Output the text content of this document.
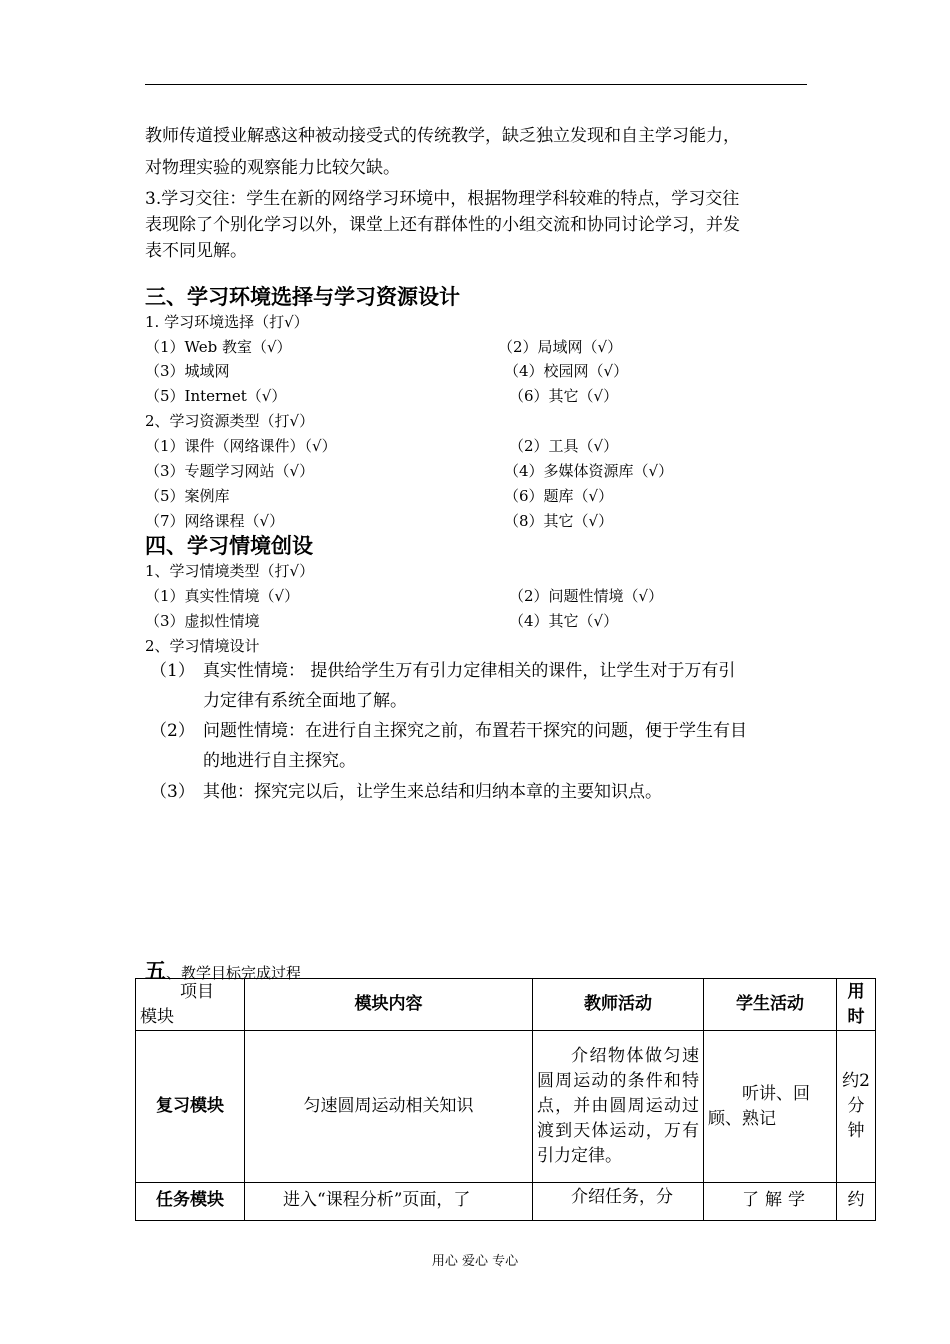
教师传道授业解惑这种被动接受式的传统教学，缺乏独立发现和自主学习能力，
对物理实验的观察能力比较欠缺。
3.学习交往：学生在新的网络学习环境中，根据物理学科较难的特点，学习交往
表现除了个别化学习以外，课堂上还有群体性的小组交流和协同讨论学习，并发
表不同见解。
三、学习环境选择与学习资源设计
1. 学习环境选择（打√）
（1）Web 教室（√）	（2）局域网（√）
（3）城域网	（4）校园网（√）
（5）Internet（√）	（6）其它（√）
2、学习资源类型（打√）
（1）课件（网络课件）（√）	（2）工具（√）
（3）专题学习网站（√）	（4）多媒体资源库（√）
（5）案例库	（6）题库（√）
（7）网络课程（√）	（8）其它（√）
四、学习情境创设
1、学习情境类型（打√）
（1）真实性情境（√）	（2）问题性情境（√）
（3）虚拟性情境	（4）其它（√）
2、学习情境设计
（1） 真实性情境： 提供给学生万有引力定律相关的课件，让学生对于万有引
力定律有系统全面地了解。
（2） 问题性情境：在进行自主探究之前，布置若干探究的问题，便于学生有目
的地进行自主探究。
（3） 其他：探究完以后，让学生来总结和归纳本章的主要知识点。
五、教学目标完成过程
项目
模块	模块内容	教师活动	学生活动	用时
复习模块	匀速圆周运动相关知识	介绍物体做匀速圆周运动的条件和特点，并由圆周运动过渡到天体运动，万有引力定律。	听讲、回顾、熟记	约2分钟
任务模块	进入“课程分析”页面，了	介绍任务，分	了解学	约
用心 爱心 专心
